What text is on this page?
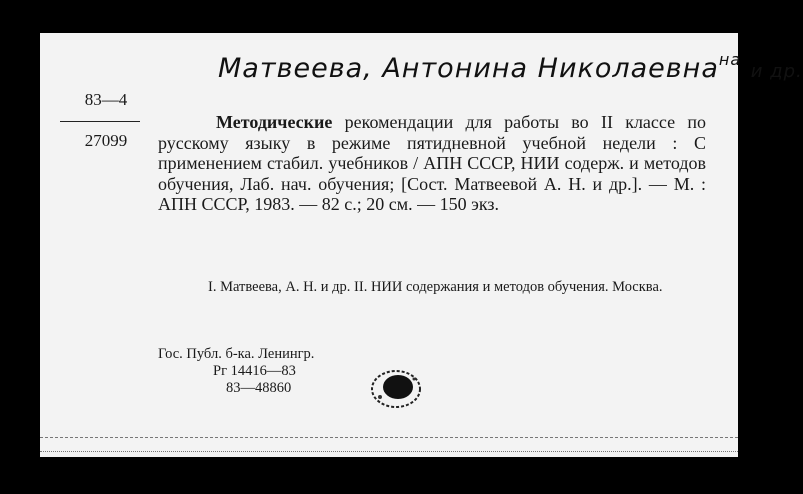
Матвеева, Антонина Николаевна$^{на}$ и др.
83—4
27099
Методические рекомендации для работы во II классе по русскому языку в режиме пятидневной учебной недели : С применением стабил. учебников / АПН СССР, НИИ содерж. и методов обучения, Лаб. нач. обучения; [Сост. Матвеевой А. Н. и др.]. — М. : АПН СССР, 1983. — 82 с.; 20 см. — 150 экз.
I. Матвеева, А. Н. и др. II. НИИ содержания и методов обучения. Москва.
Гос. Публ. б-ка. Ленингр.
Рг 14416—83
83—48860
